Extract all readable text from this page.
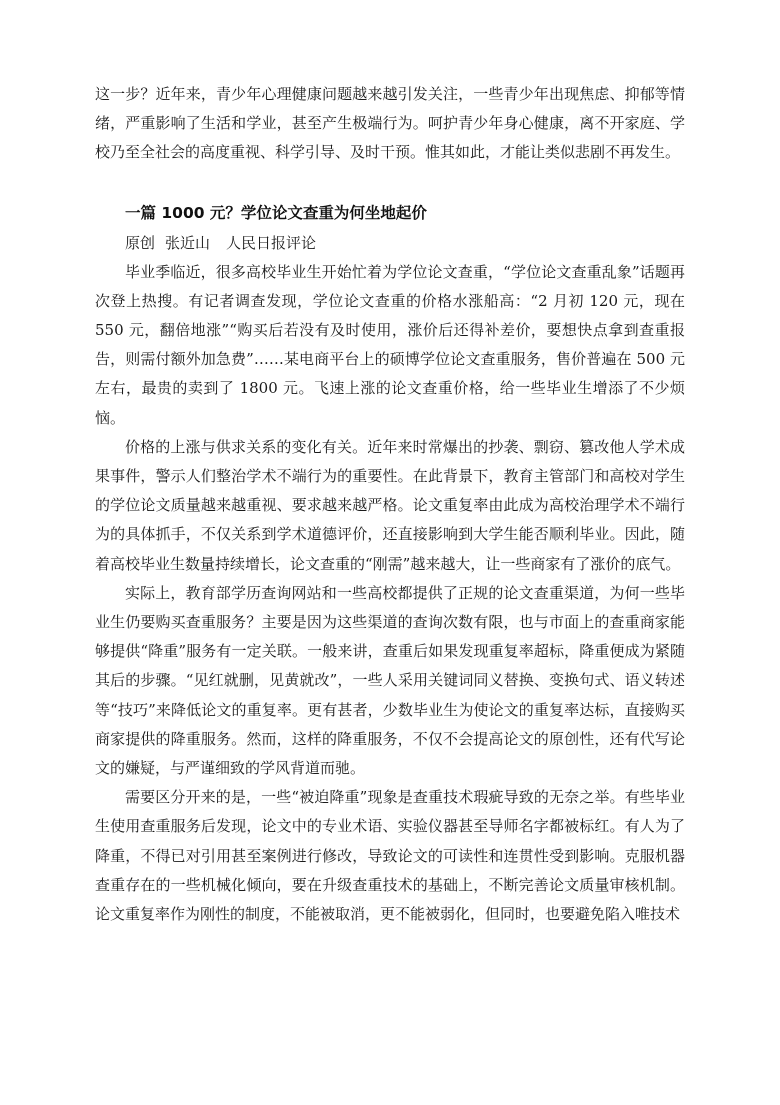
这一步？近年来，青少年心理健康问题越来越引发关注，一些青少年出现焦虑、抑郁等情绪，严重影响了生活和学业，甚至产生极端行为。呵护青少年身心健康，离不开家庭、学校乃至全社会的高度重视、科学引导、及时干预。惟其如此，才能让类似悲剧不再发生。

一篇 1000 元？学位论文查重为何坐地起价

原创 张近山 人民日报评论

毕业季临近，很多高校毕业生开始忙着为学位论文查重，“学位论文查重乱象”话题再次登上热搜。有记者调查发现，学位论文查重的价格水涨船高：“2 月初 120 元，现在 550 元，翻倍地涨”“购买后若没有及时使用，涨价后还得补差价，要想快点拿到查重报告，则需付额外加急费”……某电商平台上的硕博学位论文查重服务，售价普遍在 500 元左右，最贵的卖到了 1800 元。飞速上涨的论文查重价格，给一些毕业生增添了不少烦恼。

价格的上涨与供求关系的变化有关。近年来时常爆出的抄袭、剽窃、篡改他人学术成果事件，警示人们整治学术不端行为的重要性。在此背景下，教育主管部门和高校对学生的学位论文质量越来越重视、要求越来越严格。论文重复率由此成为高校治理学术不端行为的具体抓手，不仅关系到学术道德评价，还直接影响到大学生能否顺利毕业。因此，随着高校毕业生数量持续增长，论文查重的“刚需”越来越大，让一些商家有了涨价的底气。

实际上，教育部学历查询网站和一些高校都提供了正规的论文查重渠道，为何一些毕业生仍要购买查重服务？主要是因为这些渠道的查询次数有限，也与市面上的查重商家能够提供“降重”服务有一定关联。一般来讲，查重后如果发现重复率超标，降重便成为紧随其后的步骤。“见红就删，见黄就改”，一些人采用关键词同义替换、变换句式、语义转述等“技巧”来降低论文的重复率。更有甚者，少数毕业生为使论文的重复率达标，直接购买商家提供的降重服务。然而，这样的降重服务，不仅不会提高论文的原创性，还有代写论文的嫌疑，与严谨细致的学风背道而驰。

需要区分开来的是，一些“被迫降重”现象是查重技术瑕疵导致的无奈之举。有些毕业生使用查重服务后发现，论文中的专业术语、实验仪器甚至导师名字都被标红。有人为了降重，不得已对引用甚至案例进行修改，导致论文的可读性和连贯性受到影响。克服机器查重存在的一些机械化倾向，要在升级查重技术的基础上，不断完善论文质量审核机制。论文重复率作为刚性的制度，不能被取消，更不能被弱化，但同时，也要避免陷入唯技术
